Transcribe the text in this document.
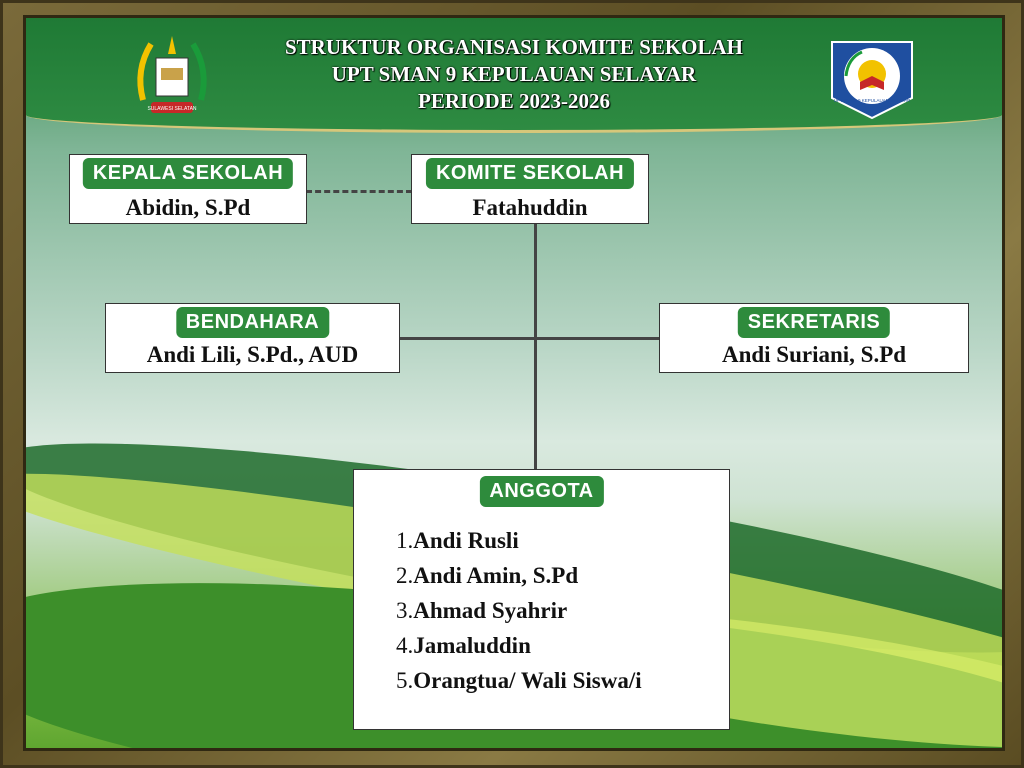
STRUKTUR ORGANISASI KOMITE SEKOLAH
UPT SMAN 9 KEPULAUAN SELAYAR
PERIODE 2023-2026
SULAWESI SELATAN
UPT SMAN 9 KEPULAUAN SELAYAR
KEPALA SEKOLAH
Abidin, S.Pd
KOMITE SEKOLAH
Fatahuddin
BENDAHARA
Andi Lili, S.Pd., AUD
SEKRETARIS
Andi Suriani, S.Pd
ANGGOTA
1.Andi Rusli
2.Andi Amin, S.Pd
3.Ahmad Syahrir
4.Jamaluddin
5.Orangtua/ Wali Siswa/i
